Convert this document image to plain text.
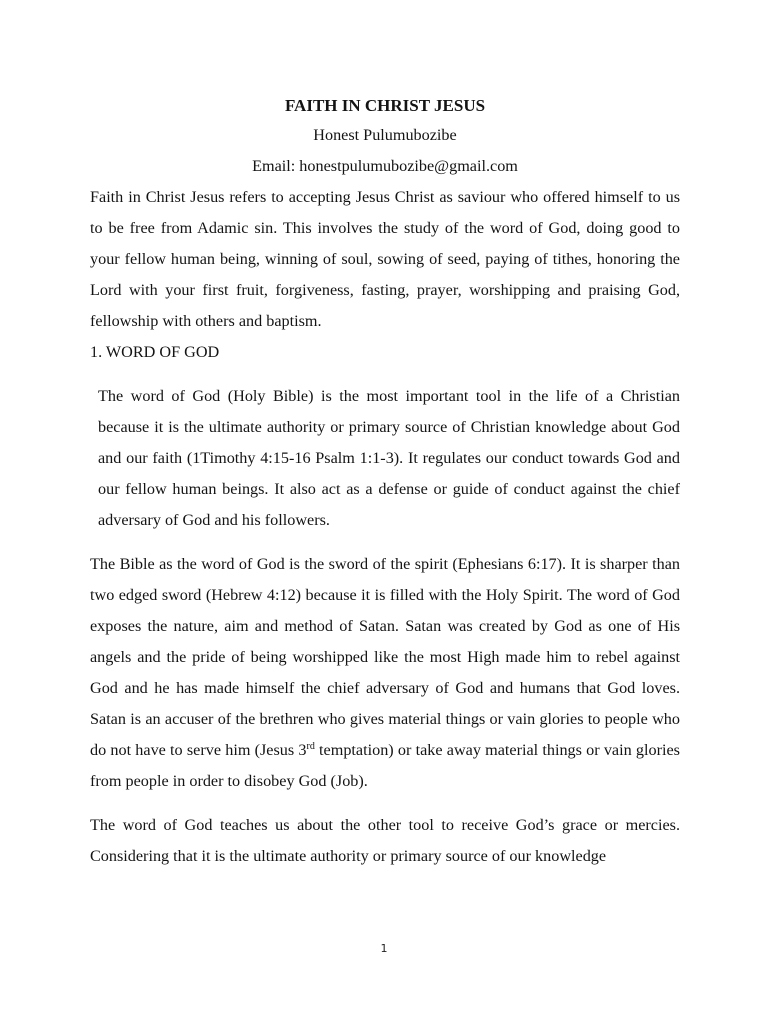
FAITH IN CHRIST JESUS
Honest Pulumubozibe
Email: honestpulumubozibe@gmail.com

Faith in Christ Jesus refers to accepting Jesus Christ as saviour who offered himself to us to be free from Adamic sin. This involves the study of the word of God, doing good to your fellow human being, winning of soul, sowing of seed, paying of tithes, honoring the Lord with your first fruit, forgiveness, fasting, prayer, worshipping and praising God, fellowship with others and baptism.

1. WORD OF GOD

The word of God (Holy Bible) is the most important tool in the life of a Christian because it is the ultimate authority or primary source of Christian knowledge about God and our faith (1Timothy 4:15-16 Psalm 1:1-3). It regulates our conduct towards God and our fellow human beings. It also act as a defense or guide of conduct against the chief adversary of God and his followers.

The Bible as the word of God is the sword of the spirit (Ephesians 6:17). It is sharper than two edged sword (Hebrew 4:12) because it is filled with the Holy Spirit. The word of God exposes the nature, aim and method of Satan. Satan was created by God as one of His angels and the pride of being worshipped like the most High made him to rebel against God and he has made himself the chief adversary of God and humans that God loves. Satan is an accuser of the brethren who gives material things or vain glories to people who do not have to serve him (Jesus 3rd temptation) or take away material things or vain glories from people in order to disobey God (Job).

The word of God teaches us about the other tool to receive God’s grace or mercies. Considering that it is the ultimate authority or primary source of our knowledge

1
